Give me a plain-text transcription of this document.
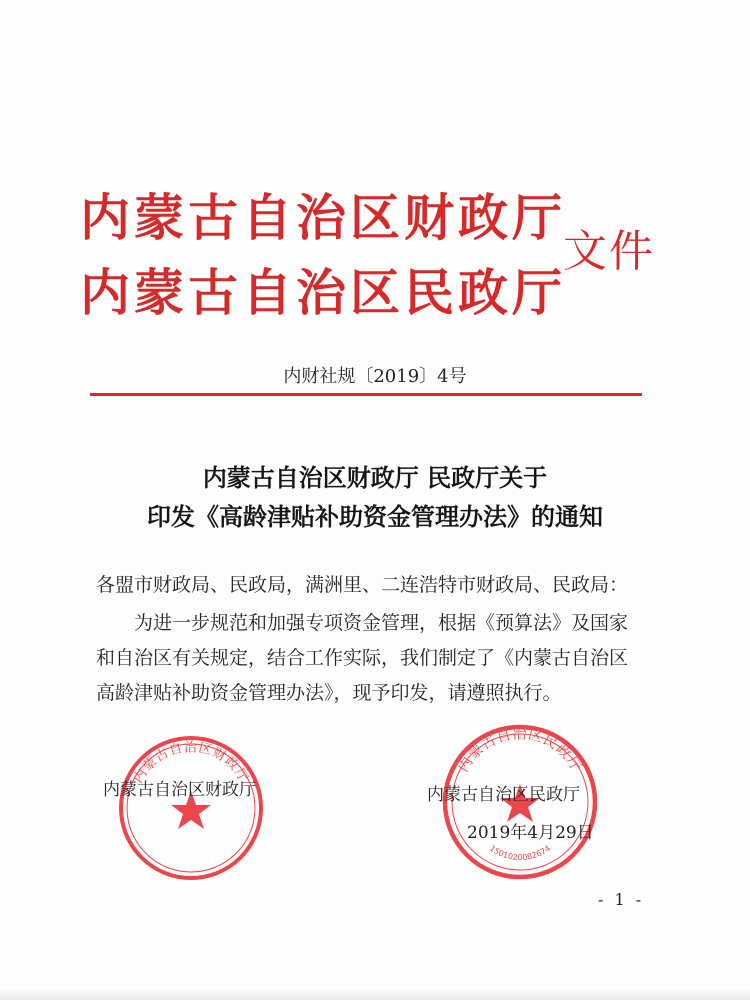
内蒙古自治区财政厅
内蒙古自治区民政厅
文件
内财社规〔2019〕4号
内蒙古自治区财政厅 民政厅关于
印发《高龄津贴补助资金管理办法》的通知
各盟市财政局、民政局，满洲里、二连浩特市财政局、民政局：
为进一步规范和加强专项资金管理，根据《预算法》及国家
和自治区有关规定，结合工作实际，我们制定了《内蒙古自治区
高龄津贴补助资金管理办法》，现予印发，请遵照执行。
内蒙古自治区财政厅
内蒙古自治区民政厅
1501020082674
内蒙古自治区财政厅	内蒙古自治区民政厅
2019年4月29日
- 1 -
